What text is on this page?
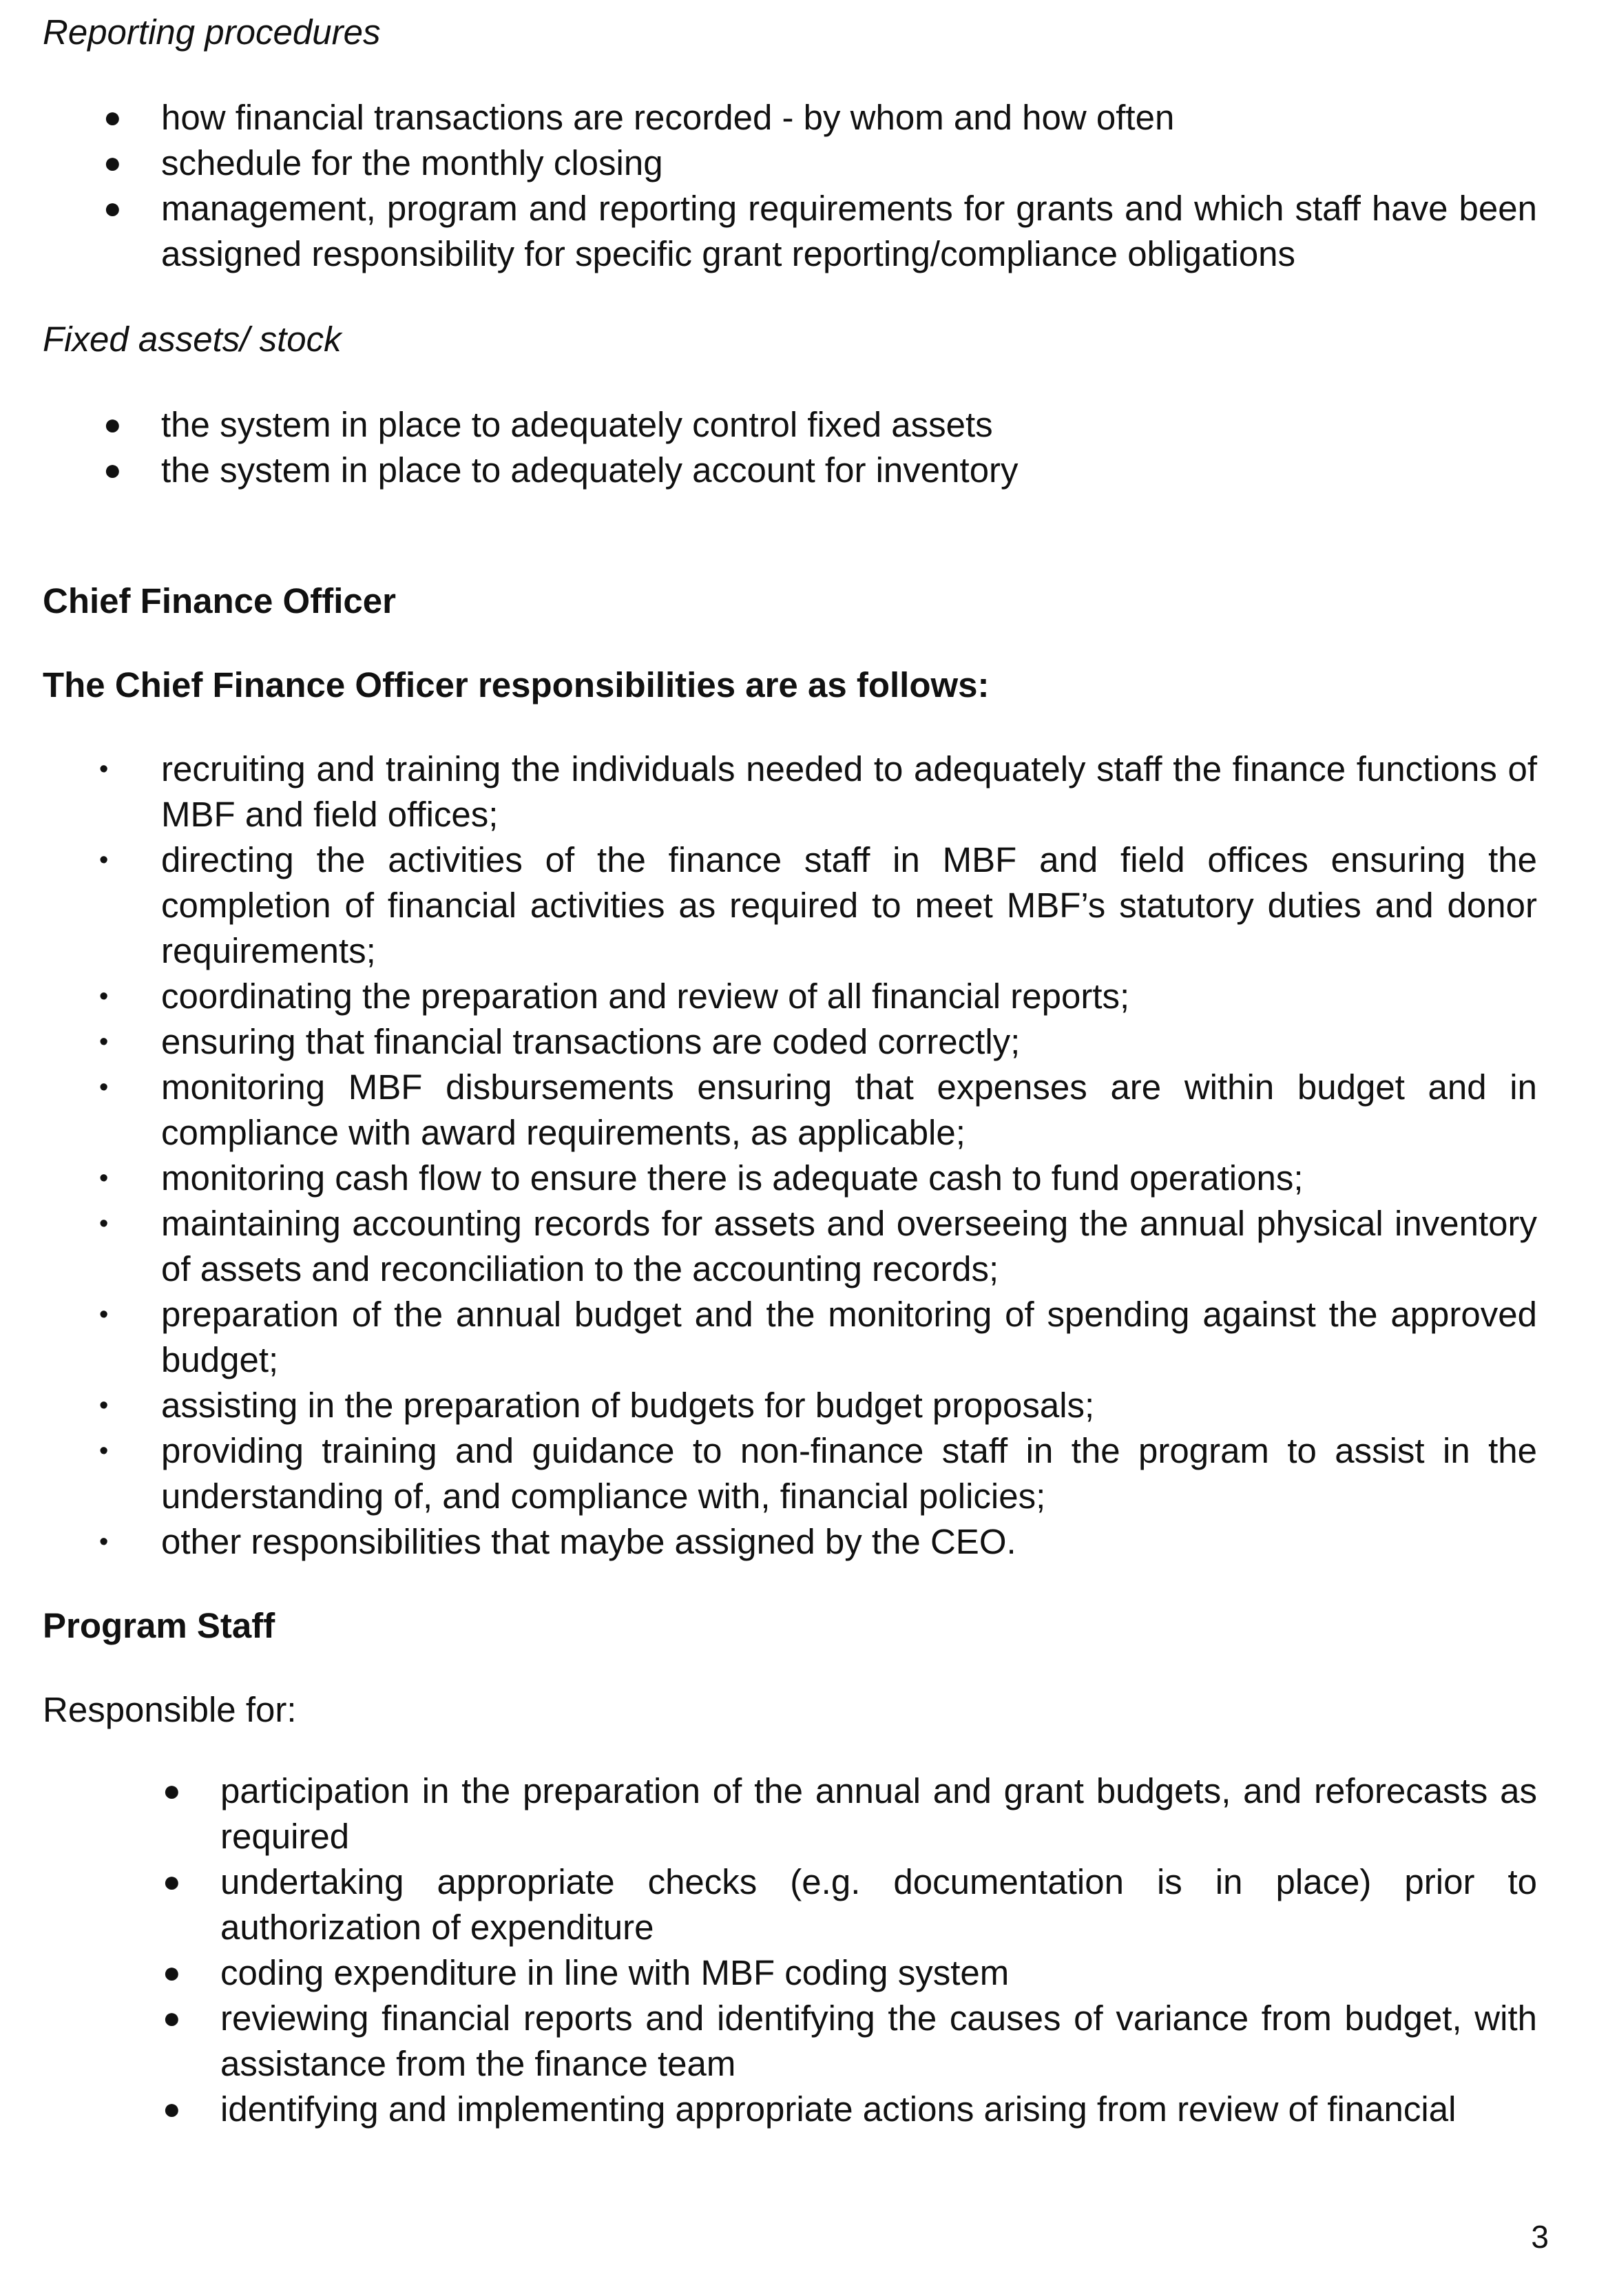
Reporting procedures

● how financial transactions are recorded - by whom and how often
● schedule for the monthly closing
● management, program and reporting requirements for grants and which staff have been assigned responsibility for specific grant reporting/compliance obligations

Fixed assets/ stock

● the system in place to adequately control fixed assets
● the system in place to adequately account for inventory

Chief Finance Officer

The Chief Finance Officer responsibilities are as follows:

• recruiting and training the individuals needed to adequately staff the finance functions of MBF and field offices;
• directing the activities of the finance staff in MBF and field offices ensuring the completion of financial activities as required to meet MBF’s statutory duties and donor requirements;
• coordinating the preparation and review of all financial reports;
• ensuring that financial transactions are coded correctly;
• monitoring MBF disbursements ensuring that expenses are within budget and in compliance with award requirements, as applicable;
• monitoring cash flow to ensure there is adequate cash to fund operations;
• maintaining accounting records for assets and overseeing the annual physical inventory of assets and reconciliation to the accounting records;
• preparation of the annual budget and the monitoring of spending against the approved budget;
• assisting in the preparation of budgets for budget proposals;
• providing training and guidance to non-finance staff in the program to assist in the understanding of, and compliance with, financial policies;
• other responsibilities that maybe assigned by the CEO.

Program Staff

Responsible for:

● participation in the preparation of the annual and grant budgets, and reforecasts as required
● undertaking appropriate checks (e.g. documentation is in place) prior to authorization of expenditure
● coding expenditure in line with MBF coding system
● reviewing financial reports and identifying the causes of variance from budget, with assistance from the finance team
● identifying and implementing appropriate actions arising from review of financial
3
